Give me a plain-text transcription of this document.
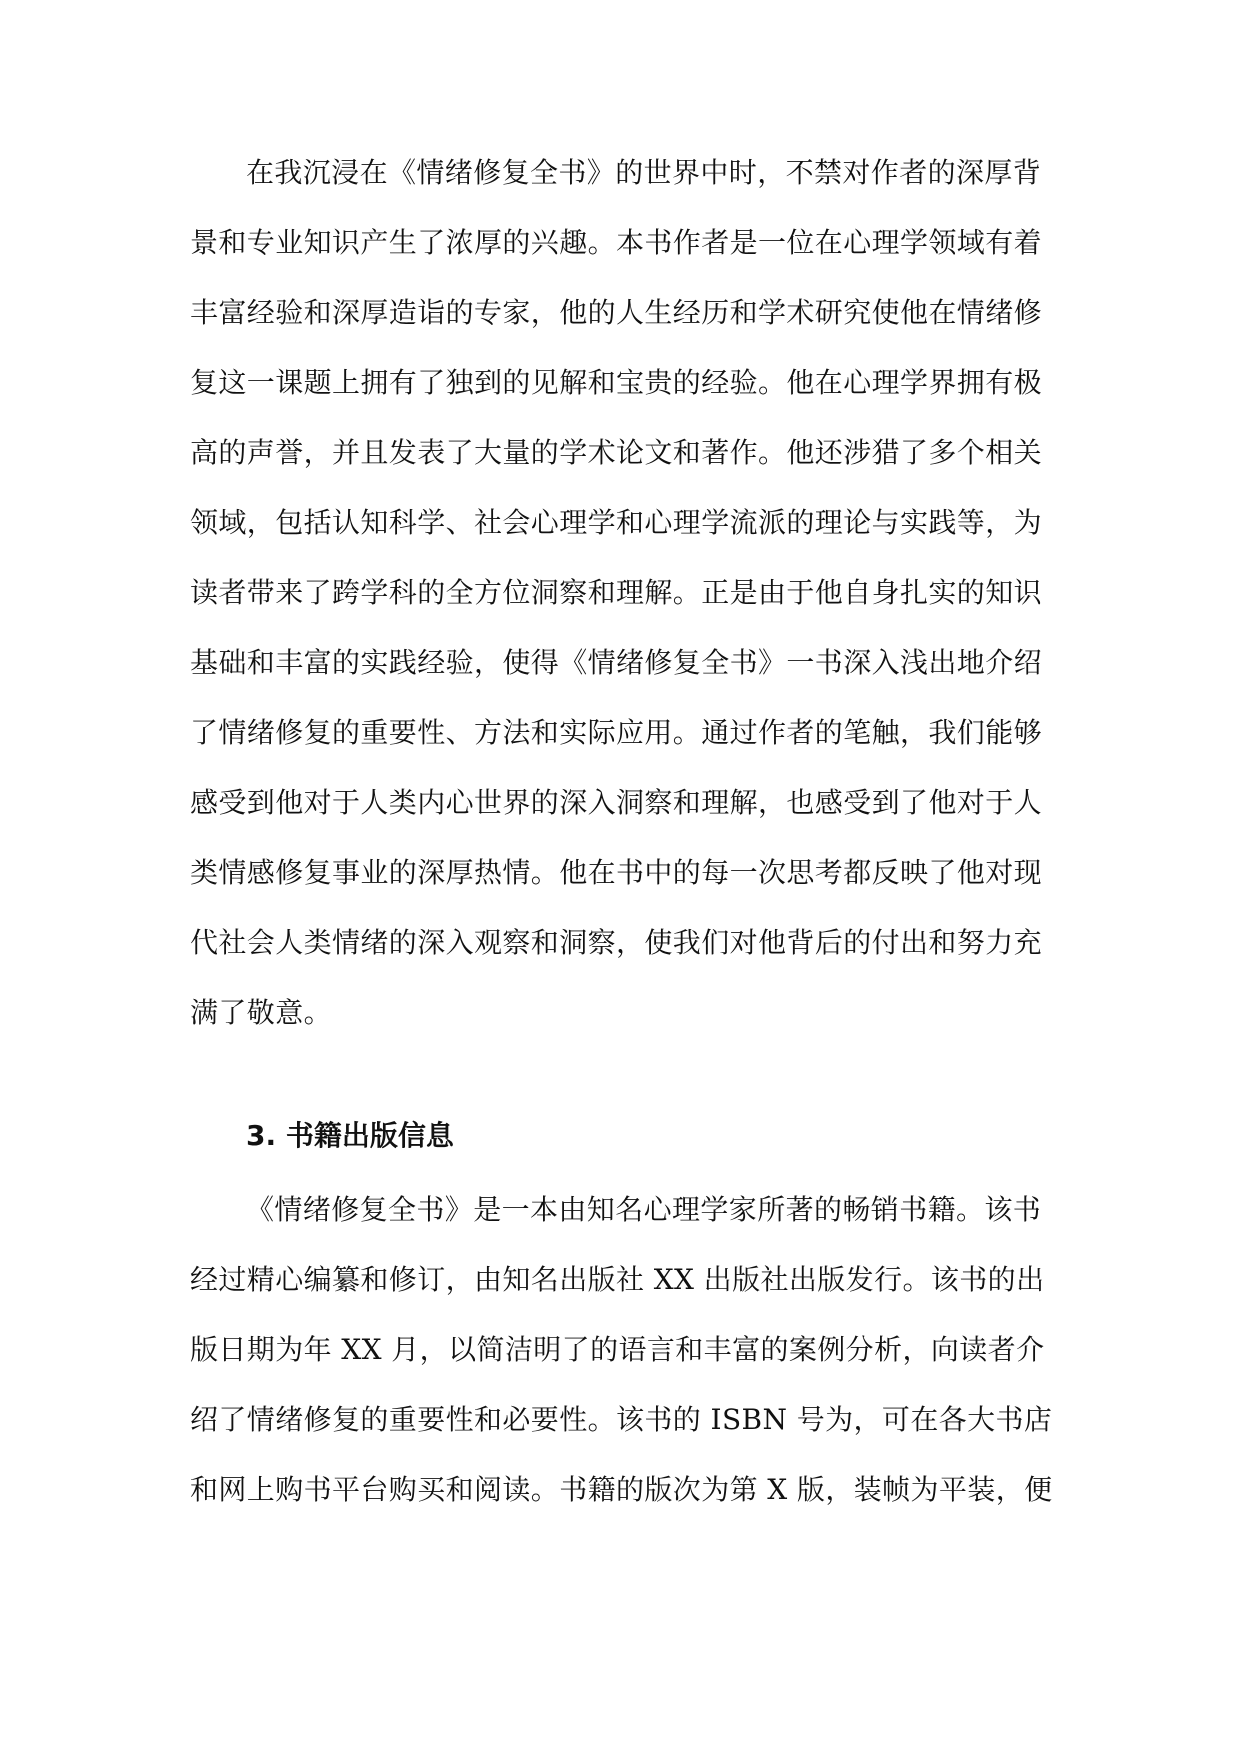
在我沉浸在《情绪修复全书》的世界中时，不禁对作者的深厚背

景和专业知识产生了浓厚的兴趣。本书作者是一位在心理学领域有着

丰富经验和深厚造诣的专家，他的人生经历和学术研究使他在情绪修

复这一课题上拥有了独到的见解和宝贵的经验。他在心理学界拥有极

高的声誉，并且发表了大量的学术论文和著作。他还涉猎了多个相关

领域，包括认知科学、社会心理学和心理学流派的理论与实践等，为

读者带来了跨学科的全方位洞察和理解。正是由于他自身扎实的知识

基础和丰富的实践经验，使得《情绪修复全书》一书深入浅出地介绍

了情绪修复的重要性、方法和实际应用。通过作者的笔触，我们能够

感受到他对于人类内心世界的深入洞察和理解，也感受到了他对于人

类情感修复事业的深厚热情。他在书中的每一次思考都反映了他对现

代社会人类情绪的深入观察和洞察，使我们对他背后的付出和努力充

满了敬意。

3. 书籍出版信息

《情绪修复全书》是一本由知名心理学家所著的畅销书籍。该书

经过精心编纂和修订，由知名出版社 XX 出版社出版发行。该书的出

版日期为年 XX 月，以简洁明了的语言和丰富的案例分析，向读者介

绍了情绪修复的重要性和必要性。该书的 ISBN 号为，可在各大书店

和网上购书平台购买和阅读。书籍的版次为第 X 版，装帧为平装，便
